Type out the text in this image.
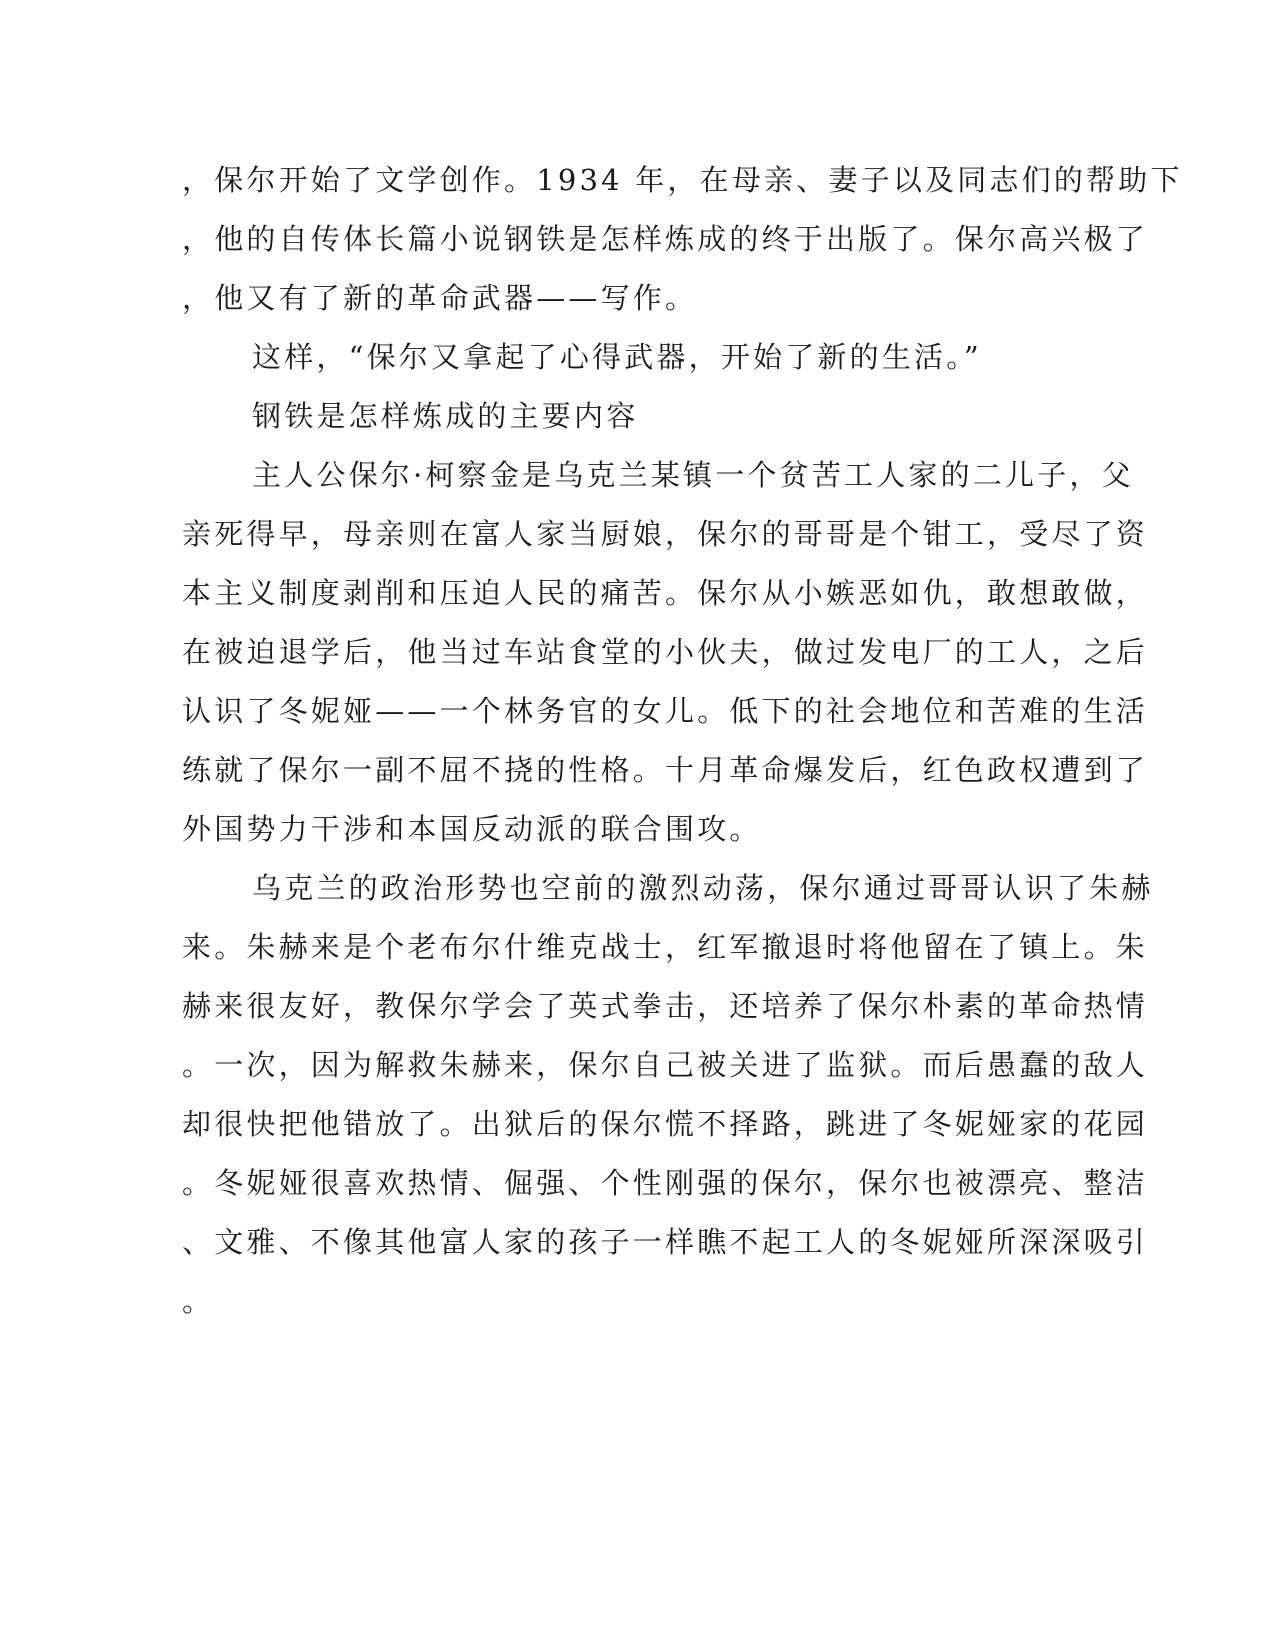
，保尔开始了文学创作。1934 年，在母亲、妻子以及同志们的帮助下
，他的自传体长篇小说钢铁是怎样炼成的终于出版了。保尔高兴极了
，他又有了新的革命武器——写作。
这样，“保尔又拿起了心得武器，开始了新的生活。”
钢铁是怎样炼成的主要内容
主人公保尔·柯察金是乌克兰某镇一个贫苦工人家的二儿子，父
亲死得早，母亲则在富人家当厨娘，保尔的哥哥是个钳工，受尽了资
本主义制度剥削和压迫人民的痛苦。保尔从小嫉恶如仇，敢想敢做，
在被迫退学后，他当过车站食堂的小伙夫，做过发电厂的工人，之后
认识了冬妮娅——一个林务官的女儿。低下的社会地位和苦难的生活
练就了保尔一副不屈不挠的性格。十月革命爆发后，红色政权遭到了
外国势力干涉和本国反动派的联合围攻。
乌克兰的政治形势也空前的激烈动荡，保尔通过哥哥认识了朱赫
来。朱赫来是个老布尔什维克战士，红军撤退时将他留在了镇上。朱
赫来很友好，教保尔学会了英式拳击，还培养了保尔朴素的革命热情
。一次，因为解救朱赫来，保尔自己被关进了监狱。而后愚蠢的敌人
却很快把他错放了。出狱后的保尔慌不择路，跳进了冬妮娅家的花园
。冬妮娅很喜欢热情、倔强、个性刚强的保尔，保尔也被漂亮、整洁
、文雅、不像其他富人家的孩子一样瞧不起工人的冬妮娅所深深吸引
。
